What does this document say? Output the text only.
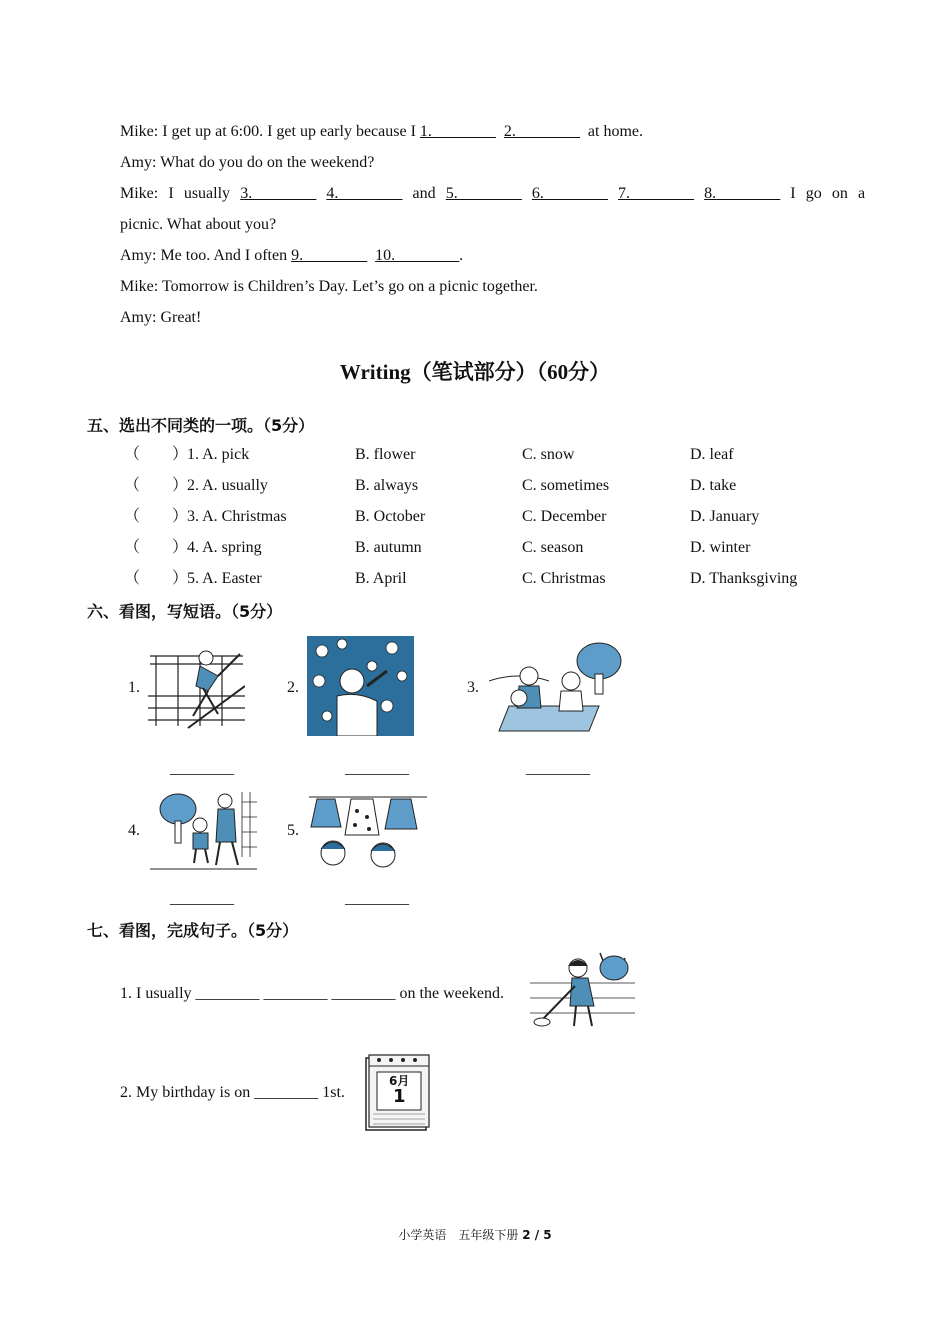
Mike: I get up at 6:00. I get up early because I 1.________ 2.________ at home.
Amy: What do you do on the weekend?
Mike: I usually 3.________ 4.________ and 5.________ 6.________ 7.________ 8.________ I go on a
picnic. What about you?
Amy: Me too. And I often 9.________ 10.________.
Mike: Tomorrow is Children’s Day. Let’s go on a picnic together.
Amy: Great!
Writing（笔试部分）（60分）
五、选出不同类的一项。（5分）
（　　）
1. A. pick	B. flower	C. snow	D. leaf
（　　）
2. A. usually	B. always	C. sometimes	D. take
（　　）
3. A. Christmas	B. October	C. December	D. January
（　　）
4. A. spring	B. autumn	C. season	D. winter
（　　）
5. A. Easter	B. April	C. Christmas	D. Thanksgiving
六、看图，写短语。（5分）
1.	2.	3.
________	________	________
4.	5.
________	________
七、看图，完成句子。（5分）
1. I usually ________ ________ ________ on the weekend.
2. My birthday is on ________ 1st.
6月
1
小学英语　五年级下册 2 / 5
